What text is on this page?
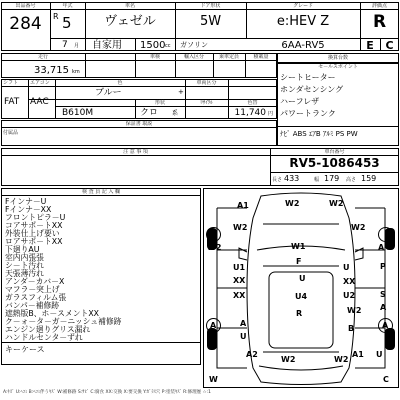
出品番号	年式	車名	ドア形状	グレード	評価点
284	R 5	ヴェゼル	5W	e:HEV Z	R
7 月 自家用 1500 cc ガソリン	6AA-RV5	E	C
走行	車検	輸入区分	乗車定員	積載量
33,715 km
換算台数
セ－ルスポイント
シートヒーター
ホンダセンシング
ハーフレザ
パワートランク
ﾅﾋﾞ ABS ｴｱB ｱﾙﾐ PS PW
シフト エアコン	色	車両区分
形状	ﾘｻｲｸﾙ	色替
FAT AAC
ブルー	+
B610M	クロ 系	11,740 円
保証書 取説
付属品
注 意 事 項	車台番号
RV5-1086453
長さ 433	幅 179 高さ 159
検 査 員 記 入 欄
Fインナ－U
Fインナ－XX
フロントピラ－U
コアサポ－トXX
外装仕上げ要い
ロアサポ－トXX
下廻りAU
室内内張張
シ－ト汚れ
天張薄汚れ
アンダ－カバ－X
マフラ－突上げ
ガラスフィルム張
バンパ－補修跡
遮熱版B、ホ－スメントXX
ク－ォ－タ－ガ－ニッシュ補修跡
エンジン廻りグリス漏れ
ハンドルセンタ－ずれ
キーケース
A1	W2	W2
W2	W2
A
W2	W1
U1
XX	U
U4
XX
U
U2
XX
W2
P
S
A
A	A	A
U
B
A2
W2	W2
A1 U
W	C
F
R
A:ｷｽﾞ U:ﾍｺﾐ B:ﾍｺﾐ伴うｷｽﾞ W:補修跡 S:ｻﾋﾞ C:腐食 XX:交換 X:要交換 Y:ｶﾞﾗｽ穴 P:塗装ｷｽﾞ R:修理歴 ☆:1
